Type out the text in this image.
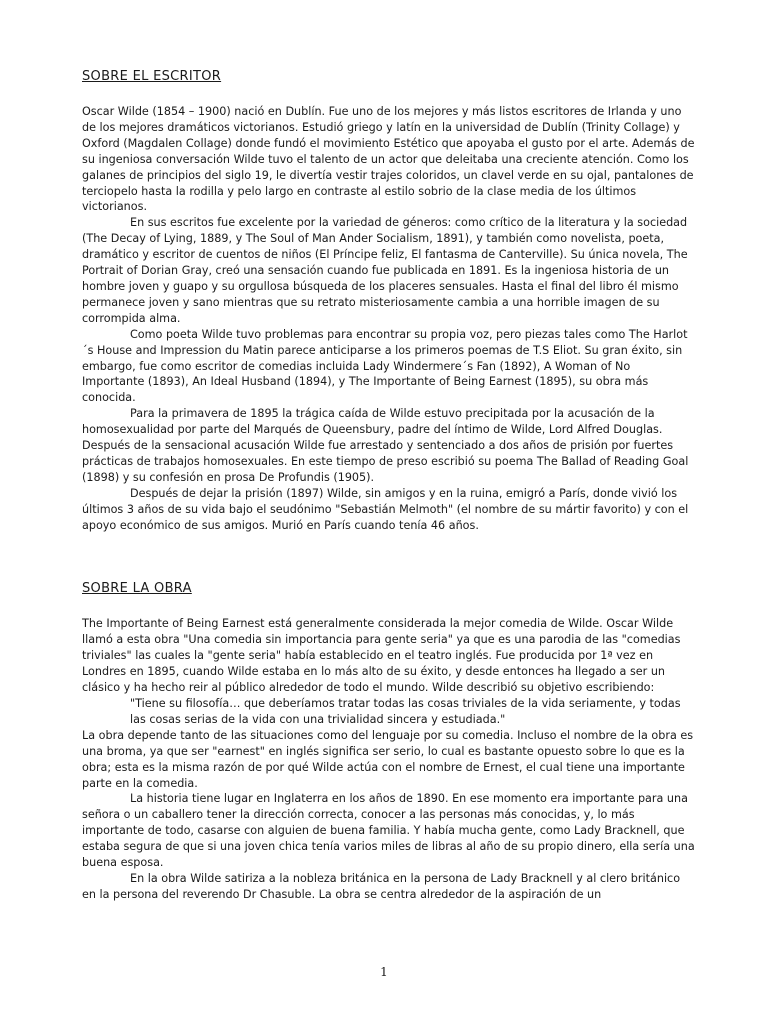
SOBRE EL ESCRITOR

Oscar Wilde (1854 – 1900) nació en Dublín. Fue uno de los mejores y más listos escritores de Irlanda y uno de los mejores dramáticos victorianos. Estudió griego y latín en la universidad de Dublín (Trinity Collage) y Oxford (Magdalen Collage) donde fundó el movimiento Estético que apoyaba el gusto por el arte. Además de su ingeniosa conversación Wilde tuvo el talento de un actor que deleitaba una creciente atención. Como los galanes de principios del siglo 19, le divertía vestir trajes coloridos, un clavel verde en su ojal, pantalones de terciopelo hasta la rodilla y pelo largo en contraste al estilo sobrio de la clase media de los últimos victorianos.

En sus escritos fue excelente por la variedad de géneros: como crítico de la literatura y la sociedad (The Decay of Lying, 1889, y The Soul of Man Ander Socialism, 1891), y también como novelista, poeta, dramático y escritor de cuentos de niños (El Príncipe feliz, El fantasma de Canterville). Su única novela, The Portrait of Dorian Gray, creó una sensación cuando fue publicada en 1891. Es la ingeniosa historia de un hombre joven y guapo y su orgullosa búsqueda de los placeres sensuales. Hasta el final del libro él mismo permanece joven y sano mientras que su retrato misteriosamente cambia a una horrible imagen de su corrompida alma.

Como poeta Wilde tuvo problemas para encontrar su propia voz, pero piezas tales como The Harlot´s House and Impression du Matin parece anticiparse a los primeros poemas de T.S Eliot. Su gran éxito, sin embargo, fue como escritor de comedias incluida Lady Windermere´s Fan (1892), A Woman of No Importante (1893), An Ideal Husband (1894), y The Importante of Being Earnest (1895), su obra más conocida.

Para la primavera de 1895 la trágica caída de Wilde estuvo precipitada por la acusación de la homosexualidad por parte del Marqués de Queensbury, padre del íntimo de Wilde, Lord Alfred Douglas. Después de la sensacional acusación Wilde fue arrestado y sentenciado a dos años de prisión por fuertes prácticas de trabajos homosexuales. En este tiempo de preso escribió su poema The Ballad of Reading Goal (1898) y su confesión en prosa De Profundis (1905).

Después de dejar la prisión (1897) Wilde, sin amigos y en la ruina, emigró a París, donde vivió los últimos 3 años de su vida bajo el seudónimo "Sebastián Melmoth" (el nombre de su mártir favorito) y con el apoyo económico de sus amigos. Murió en París cuando tenía 46 años.

SOBRE LA OBRA

The Importante of Being Earnest está generalmente considerada la mejor comedia de Wilde. Oscar Wilde llamó a esta obra "Una comedia sin importancia para gente seria" ya que es una parodia de las "comedias triviales" las cuales la "gente seria" había establecido en el teatro inglés. Fue producida por 1ª vez en Londres en 1895, cuando Wilde estaba en lo más alto de su éxito, y desde entonces ha llegado a ser un clásico y ha hecho reir al público alrededor de todo el mundo. Wilde describió su objetivo escribiendo:

"Tiene su filosofía… que deberíamos tratar todas las cosas triviales de la vida seriamente, y todas las cosas serias de la vida con una trivialidad sincera y estudiada."

La obra depende tanto de las situaciones como del lenguaje por su comedia. Incluso el nombre de la obra es una broma, ya que ser "earnest" en inglés significa ser serio, lo cual es bastante opuesto sobre lo que es la obra; esta es la misma razón de por qué Wilde actúa con el nombre de Ernest, el cual tiene una importante parte en la comedia.

La historia tiene lugar en Inglaterra en los años de 1890. En ese momento era importante para una señora o un caballero tener la dirección correcta, conocer a las personas más conocidas, y, lo más importante de todo, casarse con alguien de buena familia. Y había mucha gente, como Lady Bracknell, que estaba segura de que si una joven chica tenía varios miles de libras al año de su propio dinero, ella sería una buena esposa.

En la obra Wilde satiriza a la nobleza británica en la persona de Lady Bracknell y al clero británico en la persona del reverendo Dr Chasuble. La obra se centra alrededor de la aspiración de un

1
